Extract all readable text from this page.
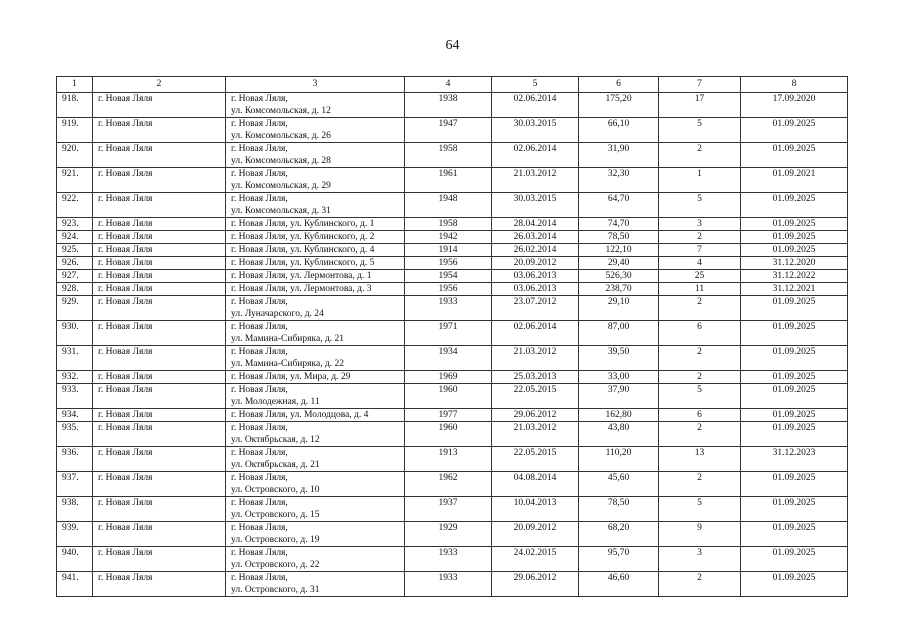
64
1	2	3	4	5	6	7	8
918.	г. Новая Ляля	г. Новая Ляля,
ул. Комсомольская, д. 12	1938	02.06.2014	175,20	17	17.09.2020
919.	г. Новая Ляля	г. Новая Ляля,
ул. Комсомольская, д. 26	1947	30.03.2015	66,10	5	01.09.2025
920.	г. Новая Ляля	г. Новая Ляля,
ул. Комсомольская, д. 28	1958	02.06.2014	31,90	2	01.09.2025
921.	г. Новая Ляля	г. Новая Ляля,
ул. Комсомольская, д. 29	1961	21.03.2012	32,30	1	01.09.2021
922.	г. Новая Ляля	г. Новая Ляля,
ул. Комсомольская, д. 31	1948	30.03.2015	64,70	5	01.09.2025
923.	г. Новая Ляля	г. Новая Ляля, ул. Кублинского, д. 1	1958	28.04.2014	74,70	3	01.09.2025
924.	г. Новая Ляля	г. Новая Ляля, ул. Кублинского, д. 2	1942	26.03.2014	78,50	2	01.09.2025
925.	г. Новая Ляля	г. Новая Ляля, ул. Кублинского, д. 4	1914	26.02.2014	122,10	7	01.09.2025
926.	г. Новая Ляля	г. Новая Ляля, ул. Кублинского, д. 5	1956	20.09.2012	29,40	4	31.12.2020
927.	г. Новая Ляля	г. Новая Ляля, ул. Лермонтова, д. 1	1954	03.06.2013	526,30	25	31.12.2022
928.	г. Новая Ляля	г. Новая Ляля, ул. Лермонтова, д. 3	1956	03.06.2013	238,70	11	31.12.2021
929.	г. Новая Ляля	г. Новая Ляля,
ул. Луначарского, д. 24	1933	23.07.2012	29,10	2	01.09.2025
930.	г. Новая Ляля	г. Новая Ляля,
ул. Мамина-Сибиряка, д. 21	1971	02.06.2014	87,00	6	01.09.2025
931.	г. Новая Ляля	г. Новая Ляля,
ул. Мамина-Сибиряка, д. 22	1934	21.03.2012	39,50	2	01.09.2025
932.	г. Новая Ляля	г. Новая Ляля, ул. Мира, д. 29	1969	25.03.2013	33,00	2	01.09.2025
933.	г. Новая Ляля	г. Новая Ляля,
ул. Молодежная, д. 11	1960	22.05.2015	37,90	5	01.09.2025
934.	г. Новая Ляля	г. Новая Ляля, ул. Молодцова, д. 4	1977	29.06.2012	162,80	6	01.09.2025
935.	г. Новая Ляля	г. Новая Ляля,
ул. Октябрьская, д. 12	1960	21.03.2012	43,80	2	01.09.2025
936.	г. Новая Ляля	г. Новая Ляля,
ул. Октябрьская, д. 21	1913	22.05.2015	110,20	13	31.12.2023
937.	г. Новая Ляля	г. Новая Ляля,
ул. Островского, д. 10	1962	04.08.2014	45,60	2	01.09.2025
938.	г. Новая Ляля	г. Новая Ляля,
ул. Островского, д. 15	1937	10.04.2013	78,50	5	01.09.2025
939.	г. Новая Ляля	г. Новая Ляля,
ул. Островского, д. 19	1929	20.09.2012	68,20	9	01.09.2025
940.	г. Новая Ляля	г. Новая Ляля,
ул. Островского, д. 22	1933	24.02.2015	95,70	3	01.09.2025
941.	г. Новая Ляля	г. Новая Ляля,
ул. Островского, д. 31	1933	29.06.2012	46,60	2	01.09.2025
